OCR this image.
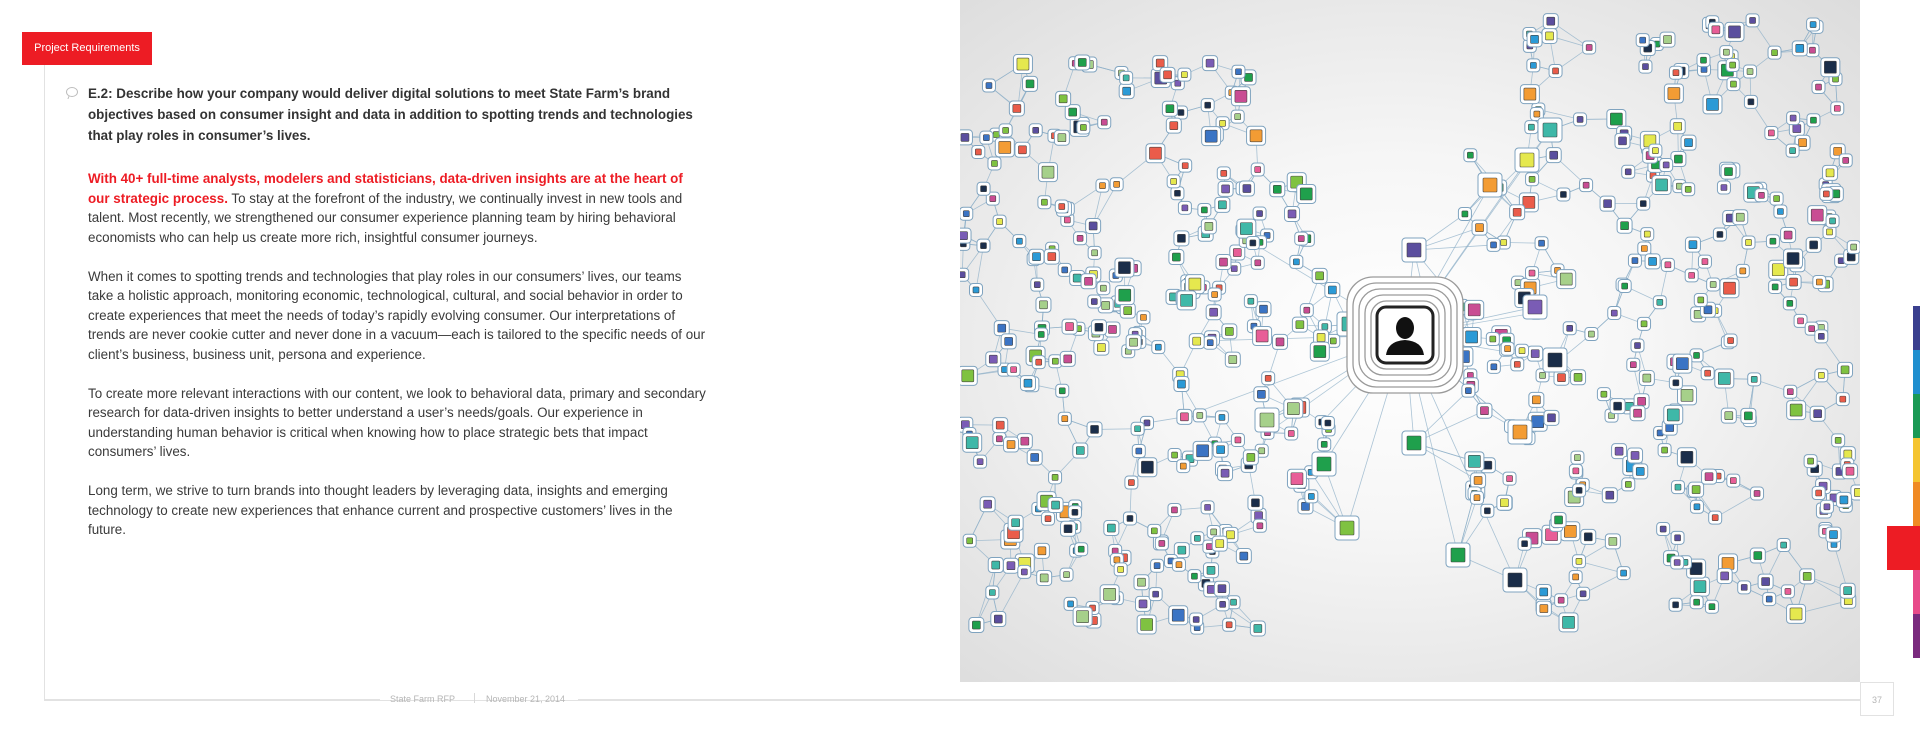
Project Requirements
E.2: Describe how your company would deliver digital solutions to meet State Farm’s brand objectives based on consumer insight and data in addition to spotting trends and technologies that play roles in consumer’s lives.

With 40+ full-time analysts, modelers and statisticians, data-driven insights are at the heart of our strategic process. To stay at the forefront of the industry, we continually invest in new tools and talent. Most recently, we strengthened our consumer experience planning team by hiring behavioral economists who can help us create more rich, insightful consumer journeys.

When it comes to spotting trends and technologies that play roles in our consumers’ lives, our teams take a holistic approach, monitoring economic, technological, cultural, and social behavior in order to create experiences that meet the needs of today’s rapidly evolving consumer. Our interpretations of trends are never cookie cutter and never done in a vacuum—each is tailored to the specific needs of our client’s business, business unit, persona and experience.

To create more relevant interactions with our content, we look to behavioral data, primary and secondary research for data-driven insights to better understand a user’s needs/goals. Our experience in understanding human behavior is critical when knowing how to place strategic bets that impact consumers’ lives.

Long term, we strive to turn brands into thought leaders by leveraging data, insights and emerging technology to create new experiences that enhance current and prospective customers’ lives in the future.

State Farm RFP	November 21, 2014	37
